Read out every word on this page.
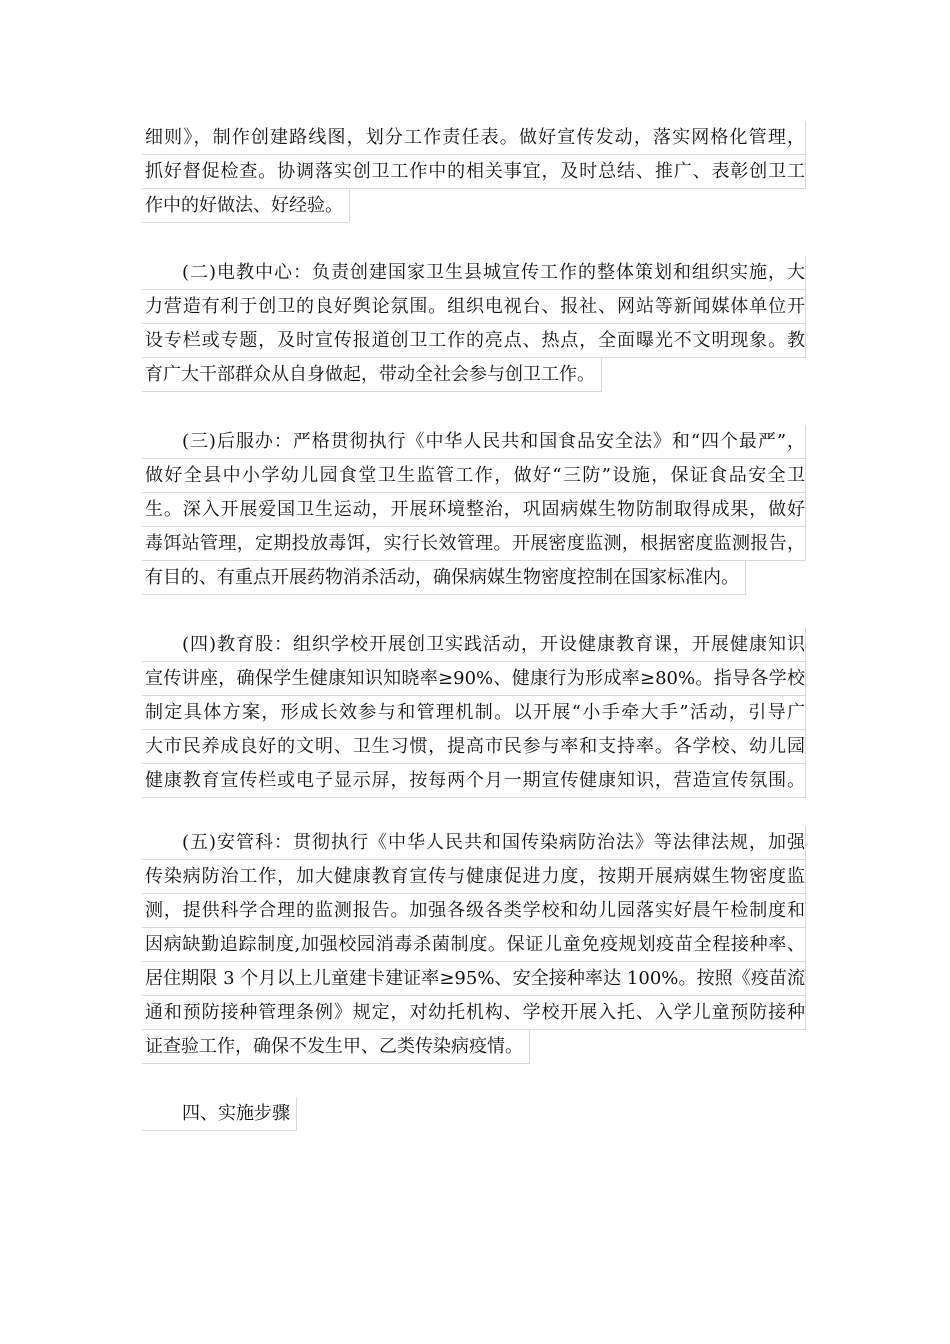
细则》，制作创建路线图，划分工作责任表。做好宣传发动，落实网格化管理，
抓好督促检查。协调落实创卫工作中的相关事宜，及时总结、推广、表彰创卫工
作中的好做法、好经验。
(二)电教中心：负责创建国家卫生县城宣传工作的整体策划和组织实施，大
力营造有利于创卫的良好舆论氛围。组织电视台、报社、网站等新闻媒体单位开
设专栏或专题，及时宣传报道创卫工作的亮点、热点，全面曝光不文明现象。教
育广大干部群众从自身做起，带动全社会参与创卫工作。
(三)后服办：严格贯彻执行《中华人民共和国食品安全法》和“四个最严”，
做好全县中小学幼儿园食堂卫生监管工作，做好“三防”设施，保证食品安全卫
生。深入开展爱国卫生运动，开展环境整治，巩固病媒生物防制取得成果，做好
毒饵站管理，定期投放毒饵，实行长效管理。开展密度监测，根据密度监测报告，
有目的、有重点开展药物消杀活动，确保病媒生物密度控制在国家标准内。
(四)教育股：组织学校开展创卫实践活动，开设健康教育课，开展健康知识
宣传讲座，确保学生健康知识知晓率≥90%、健康行为形成率≥80%。指导各学校
制定具体方案，形成长效参与和管理机制。以开展“小手牵大手”活动，引导广
大市民养成良好的文明、卫生习惯，提高市民参与率和支持率。各学校、幼儿园
健康教育宣传栏或电子显示屏，按每两个月一期宣传健康知识，营造宣传氛围。
(五)安管科：贯彻执行《中华人民共和国传染病防治法》等法律法规，加强
传染病防治工作，加大健康教育宣传与健康促进力度，按期开展病媒生物密度监
测，提供科学合理的监测报告。加强各级各类学校和幼儿园落实好晨午检制度和
因病缺勤追踪制度,加强校园消毒杀菌制度。保证儿童免疫规划疫苗全程接种率、
居住期限 3 个月以上儿童建卡建证率≥95%、安全接种率达 100%。按照《疫苗流
通和预防接种管理条例》规定，对幼托机构、学校开展入托、入学儿童预防接种
证查验工作，确保不发生甲、乙类传染病疫情。
四、实施步骤
